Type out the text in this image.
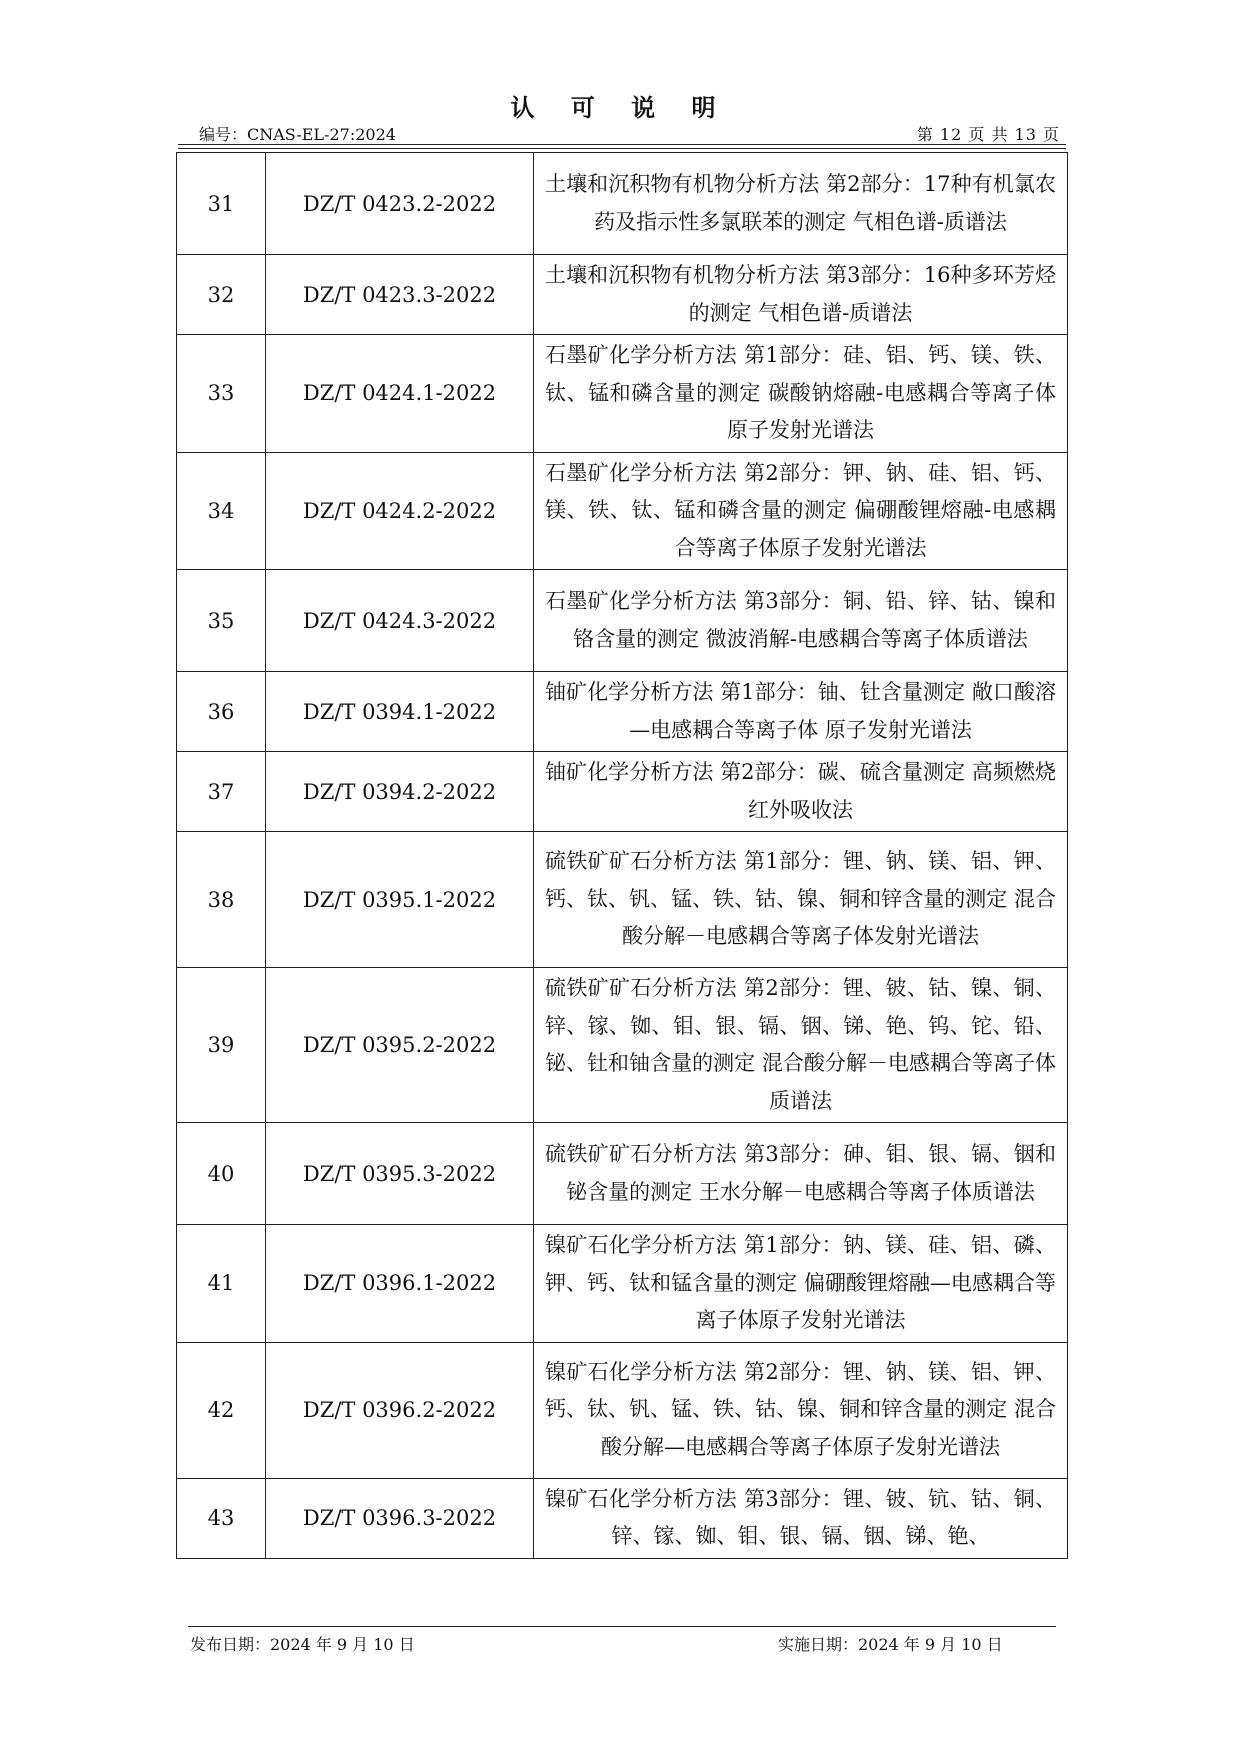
认 可 说 明
编号：CNAS-EL-27:2024	第 12 页 共 13 页
31	DZ/T 0423.2-2022	土壤和沉积物有机物分析方法 第2部分：17种有机氯农药及指示性多氯联苯的测定 气相色谱-质谱法
32	DZ/T 0423.3-2022	土壤和沉积物有机物分析方法 第3部分：16种多环芳烃的测定 气相色谱-质谱法
33	DZ/T 0424.1-2022	石墨矿化学分析方法 第1部分：硅、铝、钙、镁、铁、钛、锰和磷含量的测定 碳酸钠熔融-电感耦合等离子体原子发射光谱法
34	DZ/T 0424.2-2022	石墨矿化学分析方法 第2部分：钾、钠、硅、铝、钙、镁、铁、钛、锰和磷含量的测定 偏硼酸锂熔融-电感耦合等离子体原子发射光谱法
35	DZ/T 0424.3-2022	石墨矿化学分析方法 第3部分：铜、铅、锌、钴、镍和铬含量的测定 微波消解-电感耦合等离子体质谱法
36	DZ/T 0394.1-2022	铀矿化学分析方法 第1部分：铀、钍含量测定 敞口酸溶—电感耦合等离子体 原子发射光谱法
37	DZ/T 0394.2-2022	铀矿化学分析方法 第2部分：碳、硫含量测定 高频燃烧红外吸收法
38	DZ/T 0395.1-2022	硫铁矿矿石分析方法 第1部分：锂、钠、镁、铝、钾、钙、钛、钒、锰、铁、钴、镍、铜和锌含量的测定 混合酸分解－电感耦合等离子体发射光谱法
39	DZ/T 0395.2-2022	硫铁矿矿石分析方法 第2部分：锂、铍、钴、镍、铜、锌、镓、铷、钼、银、镉、铟、锑、铯、钨、铊、铅、铋、钍和铀含量的测定 混合酸分解－电感耦合等离子体质谱法
40	DZ/T 0395.3-2022	硫铁矿矿石分析方法 第3部分：砷、钼、银、镉、铟和铋含量的测定 王水分解－电感耦合等离子体质谱法
41	DZ/T 0396.1-2022	镍矿石化学分析方法 第1部分：钠、镁、硅、铝、磷、钾、钙、钛和锰含量的测定 偏硼酸锂熔融—电感耦合等离子体原子发射光谱法
42	DZ/T 0396.2-2022	镍矿石化学分析方法 第2部分：锂、钠、镁、铝、钾、钙、钛、钒、锰、铁、钴、镍、铜和锌含量的测定 混合酸分解—电感耦合等离子体原子发射光谱法
43	DZ/T 0396.3-2022	镍矿石化学分析方法 第3部分：锂、铍、钪、钴、铜、锌、镓、铷、钼、银、镉、铟、锑、铯、
发布日期：2024 年 9 月 10 日	实施日期：2024 年 9 月 10 日
